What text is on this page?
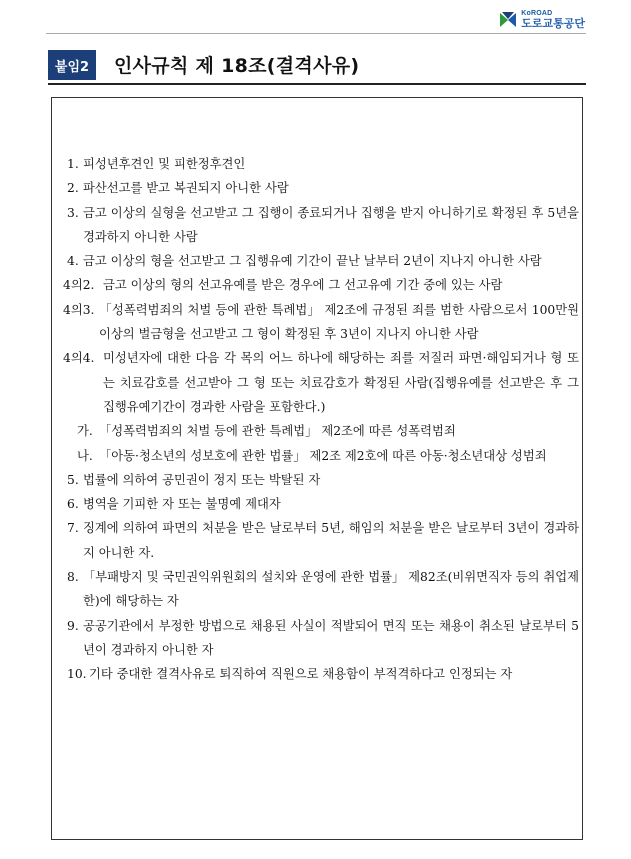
KoROAD
도로교통공단
붙임2	인사규칙 제 18조(결격사유)
1. 피성년후견인 및 피한정후견인
2. 파산선고를 받고 복권되지 아니한 사람
3. 금고 이상의 실형을 선고받고 그 집행이 종료되거나 집행을 받지 아니하기로 확정된 후 5년을 경과하지 아니한 사람
4. 금고 이상의 형을 선고받고 그 집행유예 기간이 끝난 날부터 2년이 지나지 아니한 사람
4의2. 금고 이상의 형의 선고유예를 받은 경우에 그 선고유예 기간 중에 있는 사람
4의3. 「성폭력범죄의 처벌 등에 관한 특례법」 제2조에 규정된 죄를 범한 사람으로서 100만원 이상의 벌금형을 선고받고 그 형이 확정된 후 3년이 지나지 아니한 사람
4의4. 미성년자에 대한 다음 각 목의 어느 하나에 해당하는 죄를 저질러 파면·해임되거나 형 또는 치료감호를 선고받아 그 형 또는 치료감호가 확정된 사람(집행유예를 선고받은 후 그 집행유예기간이 경과한 사람을 포함한다.)
가. 「성폭력범죄의 처벌 등에 관한 특례법」 제2조에 따른 성폭력범죄
나. 「아동·청소년의 성보호에 관한 법률」 제2조 제2호에 따른 아동·청소년대상 성범죄
5. 법률에 의하여 공민권이 정지 또는 박탈된 자
6. 병역을 기피한 자 또는 불명예 제대자
7. 징계에 의하여 파면의 처분을 받은 날로부터 5년, 해임의 처분을 받은 날로부터 3년이 경과하지 아니한 자.
8. 「부패방지 및 국민권익위원회의 설치와 운영에 관한 법률」 제82조(비위면직자 등의 취업제한)에 해당하는 자
9. 공공기관에서 부정한 방법으로 채용된 사실이 적발되어 면직 또는 채용이 취소된 날로부터 5년이 경과하지 아니한 자
10. 기타 중대한 결격사유로 퇴직하여 직원으로 채용함이 부적격하다고 인정되는 자
